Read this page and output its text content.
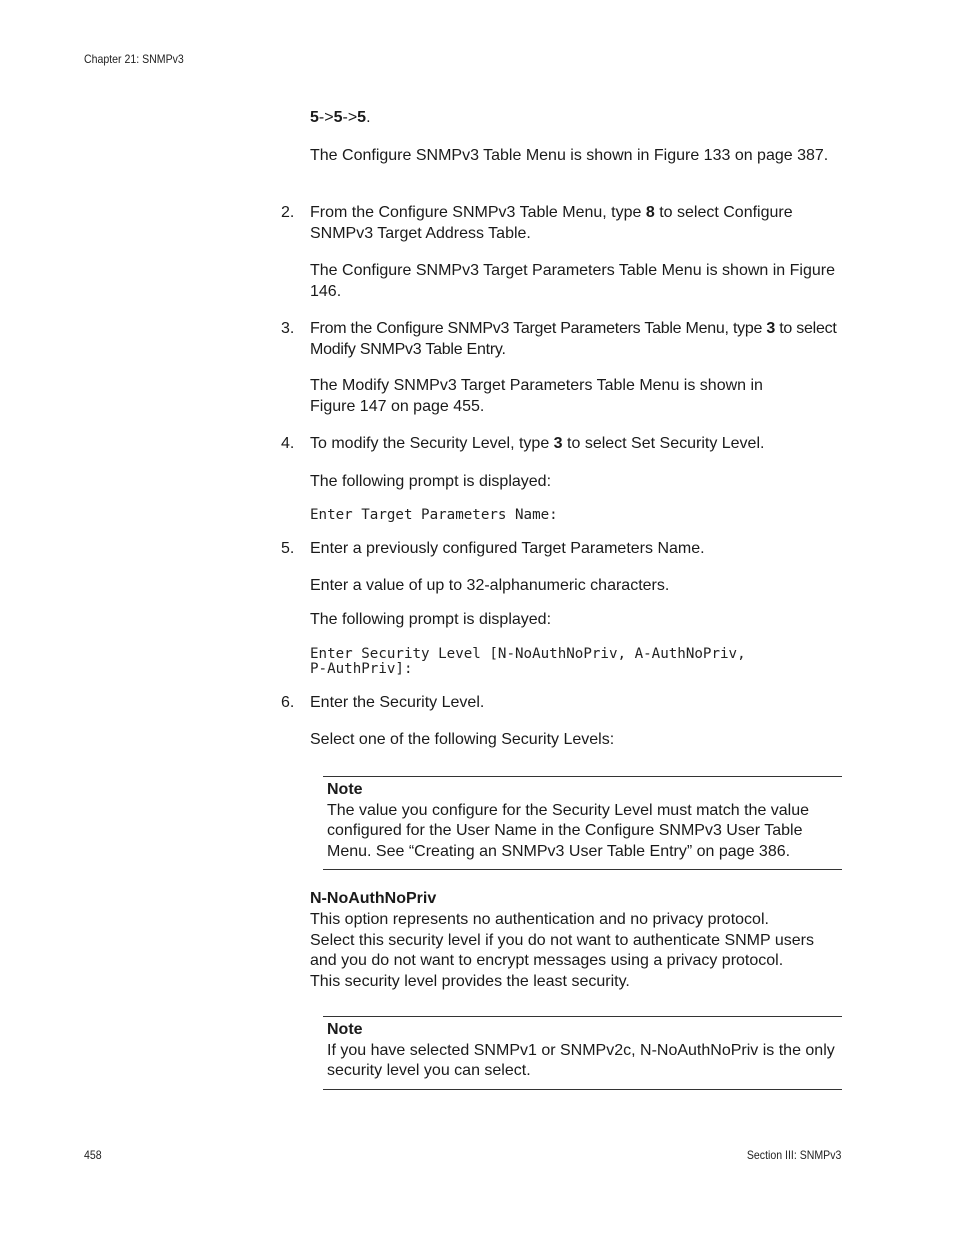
Chapter 21: SNMPv3

5->5->5.

The Configure SNMPv3 Table Menu is shown in Figure 133 on page 387.

2. From the Configure SNMPv3 Table Menu, type 8 to select Configure SNMPv3 Target Address Table.

The Configure SNMPv3 Target Parameters Table Menu is shown in Figure 146.

3. From the Configure SNMPv3 Target Parameters Table Menu, type 3 to select Modify SNMPv3 Table Entry.

The Modify SNMPv3 Target Parameters Table Menu is shown in Figure 147 on page 455.

4. To modify the Security Level, type 3 to select Set Security Level.

The following prompt is displayed:

Enter Target Parameters Name:
5. Enter a previously configured Target Parameters Name.

Enter a value of up to 32-alphanumeric characters.

The following prompt is displayed:

Enter Security Level [N-NoAuthNoPriv, A-AuthNoPriv,
P-AuthPriv]:
6. Enter the Security Level.

Select one of the following Security Levels:

Note
The value you configure for the Security Level must match the value configured for the User Name in the Configure SNMPv3 User Table Menu. See “Creating an SNMPv3 User Table Entry” on page 386.
N-NoAuthNoPriv

This option represents no authentication and no privacy protocol. Select this security level if you do not want to authenticate SNMP users and you do not want to encrypt messages using a privacy protocol. This security level provides the least security.

Note
If you have selected SNMPv1 or SNMPv2c, N-NoAuthNoPriv is the only security level you can select.
458	Section III: SNMPv3
